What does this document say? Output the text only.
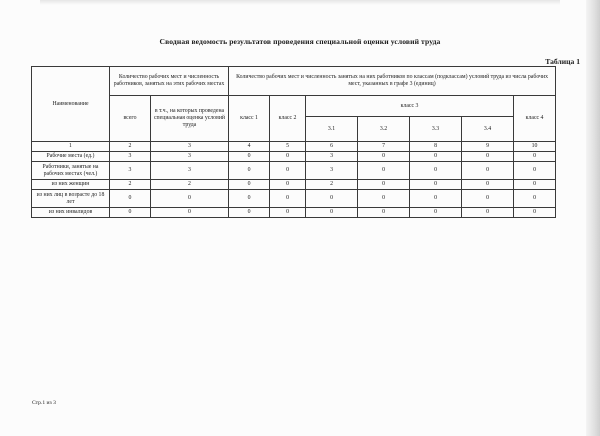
Сводная ведомость результатов проведения специальной оценки условий труда
Таблица 1
Наименование	Количество рабочих мест и численность работников, занятых на этих рабочих местах		Количество рабочих мест и численность занятых на них работников по классам (подклассам) условий труда из числа рабочих мест, указанных в графе 3 (единиц)						
	всего	в т.ч., на которых проведена специальная оценка условий труда	класс 1	класс 2	класс 3				класс 4
					3.1	3.2	3.3	3.4	
1	2	3	4	5	6	7	8	9	10
Рабочие места (ед.)	3	3	0	0	3	0	0	0	0
Работники, занятые на рабочих местах (чел.)	3	3	0	0	3	0	0	0	0
из них женщин	2	2	0	0	2	0	0	0	0
из них лиц в возрасте до 18 лет	0	0	0	0	0	0	0	0	0
из них инвалидов	0	0	0	0	0	0	0	0	0
Стр.1 из 3
